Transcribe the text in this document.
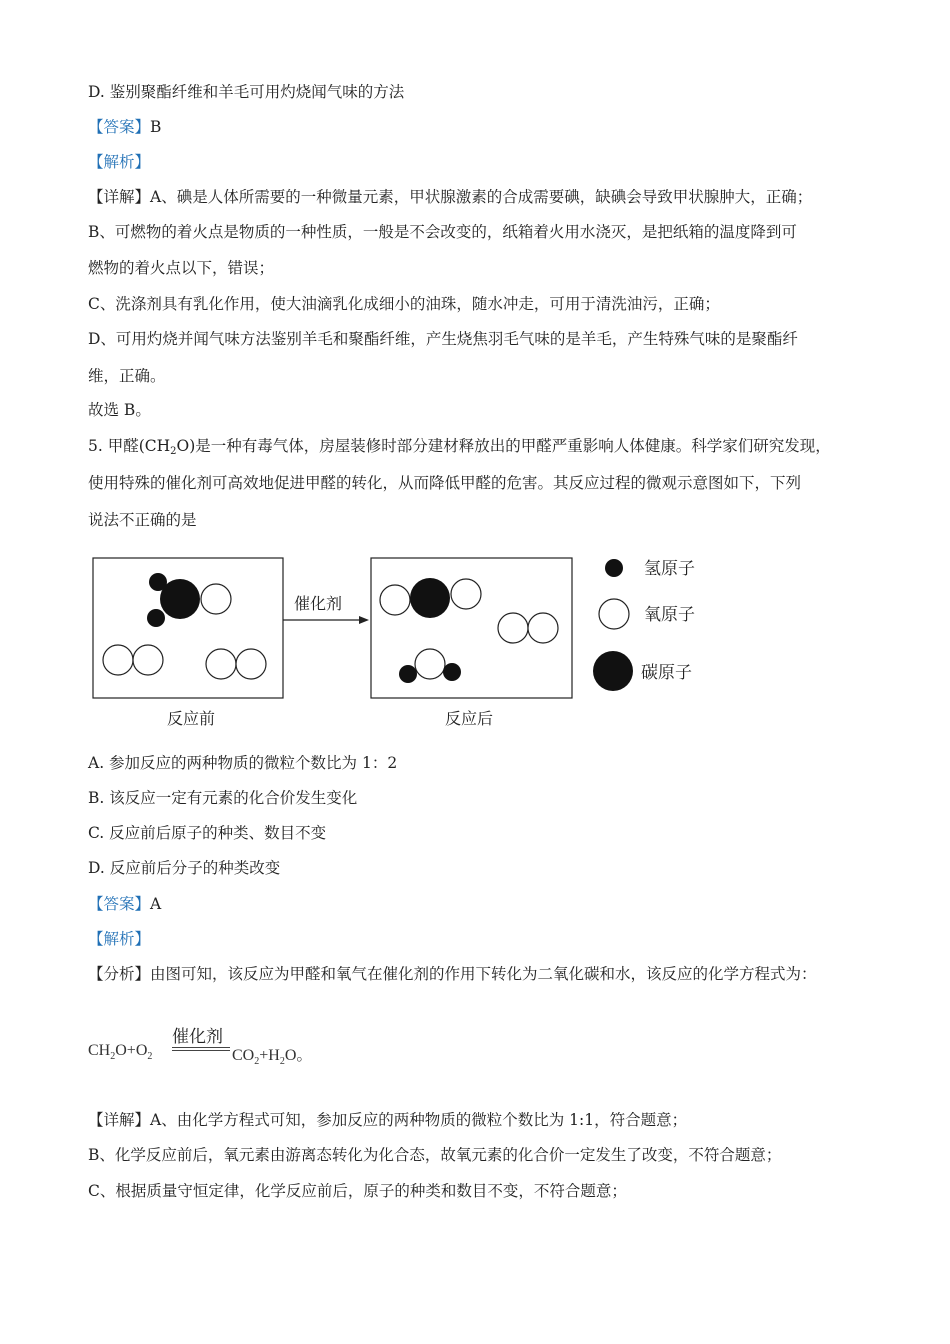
D. 鉴别聚酯纤维和羊毛可用灼烧闻气味的方法
【答案】B
【解析】
【详解】A、碘是人体所需要的一种微量元素，甲状腺激素的合成需要碘，缺碘会导致甲状腺肿大，正确；
B、可燃物的着火点是物质的一种性质，一般是不会改变的，纸箱着火用水浇灭，是把纸箱的温度降到可
燃物的着火点以下，错误；
C、洗涤剂具有乳化作用，使大油滴乳化成细小的油珠，随水冲走，可用于清洗油污，正确；
D、可用灼烧并闻气味方法鉴别羊毛和聚酯纤维，产生烧焦羽毛气味的是羊毛，产生特殊气味的是聚酯纤
维，正确。
故选 B。
5. 甲醛$(CH_2O)$是一种有毒气体，房屋装修时部分建材释放出的甲醛严重影响人体健康。科学家们研究发现，
使用特殊的催化剂可高效地促进甲醛的转化，从而降低甲醛的危害。其反应过程的微观示意图如下，下列
说法不正确的是
催化剂
氢原子
氧原子
碳原子
反应前	反应后
A. 参加反应的两种物质的微粒个数比为 1：2
B. 该反应一定有元素的化合价发生变化
C. 反应前后原子的种类、数目不变
D. 反应前后分子的种类改变
【答案】A
【解析】
【分析】由图可知，该反应为甲醛和氧气在催化剂的作用下转化为二氧化碳和水，该反应的化学方程式为：
催化剂
$CH_2O+O_2$	$CO_2+H_2O$。
【详解】A、由化学方程式可知，参加反应的两种物质的微粒个数比为 1:1，符合题意；
B、化学反应前后，氧元素由游离态转化为化合态，故氧元素的化合价一定发生了改变，不符合题意；
C、根据质量守恒定律，化学反应前后，原子的种类和数目不变，不符合题意；
